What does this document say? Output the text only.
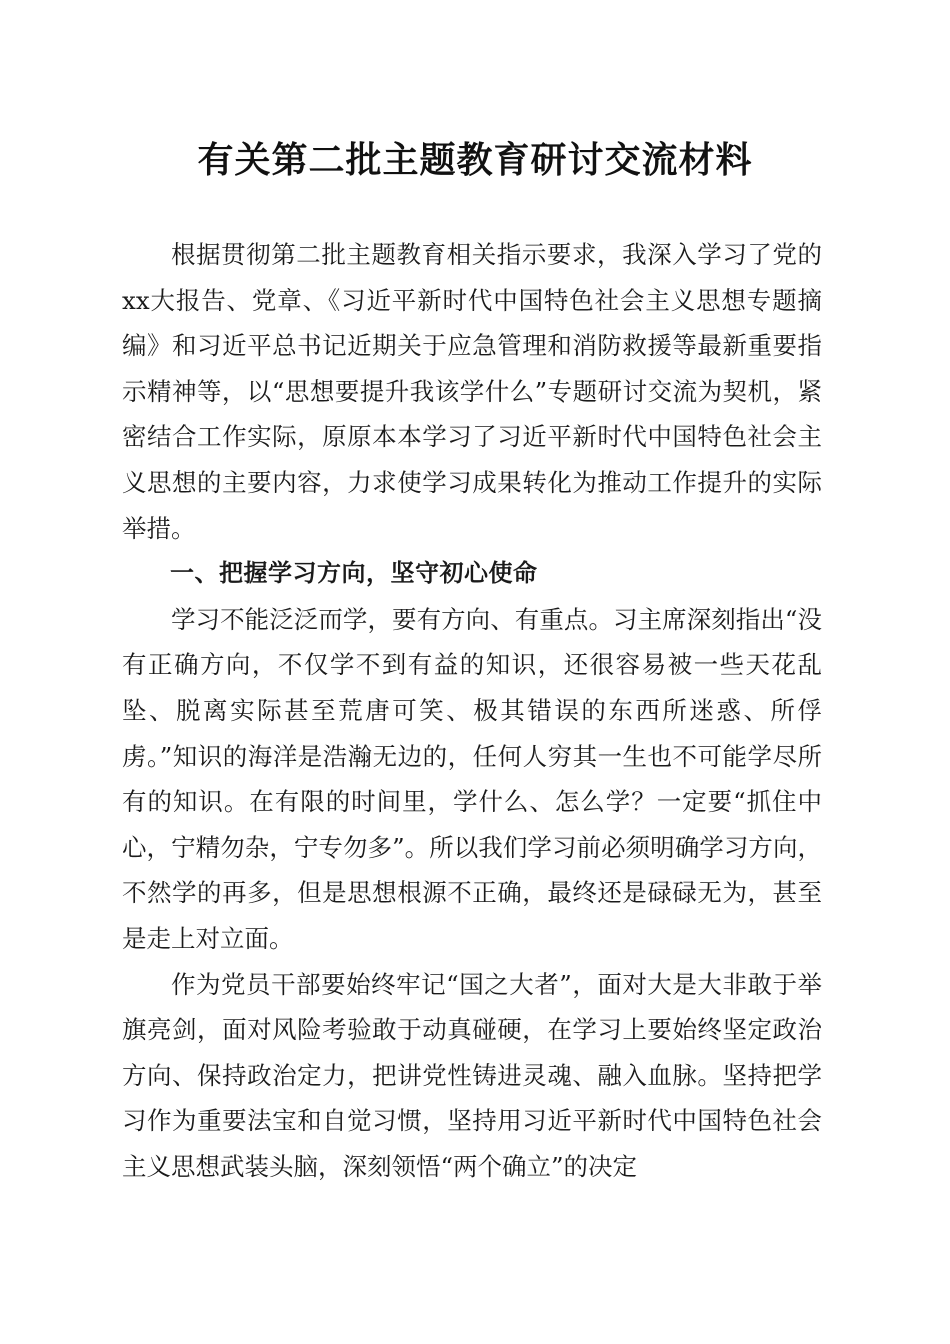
有关第二批主题教育研讨交流材料

根据贯彻第二批主题教育相关指示要求，我深入学习了党的xx大报告、党章、《习近平新时代中国特色社会主义思想专题摘编》和习近平总书记近期关于应急管理和消防救援等最新重要指示精神等，以“思想要提升我该学什么”专题研讨交流为契机，紧密结合工作实际，原原本本学习了习近平新时代中国特色社会主义思想的主要内容，力求使学习成果转化为推动工作提升的实际举措。

一、把握学习方向，坚守初心使命

学习不能泛泛而学，要有方向、有重点。习主席深刻指出“没有正确方向，不仅学不到有益的知识，还很容易被一些天花乱坠、脱离实际甚至荒唐可笑、极其错误的东西所迷惑、所俘虏。”知识的海洋是浩瀚无边的，任何人穷其一生也不可能学尽所有的知识。在有限的时间里，学什么、怎么学？一定要“抓住中心，宁精勿杂，宁专勿多”。所以我们学习前必须明确学习方向，不然学的再多，但是思想根源不正确，最终还是碌碌无为，甚至是走上对立面。

作为党员干部要始终牢记“国之大者”，面对大是大非敢于举旗亮剑，面对风险考验敢于动真碰硬，在学习上要始终坚定政治方向、保持政治定力，把讲党性铸进灵魂、融入血脉。坚持把学习作为重要法宝和自觉习惯，坚持用习近平新时代中国特色社会主义思想武装头脑，深刻领悟“两个确立”的决定
